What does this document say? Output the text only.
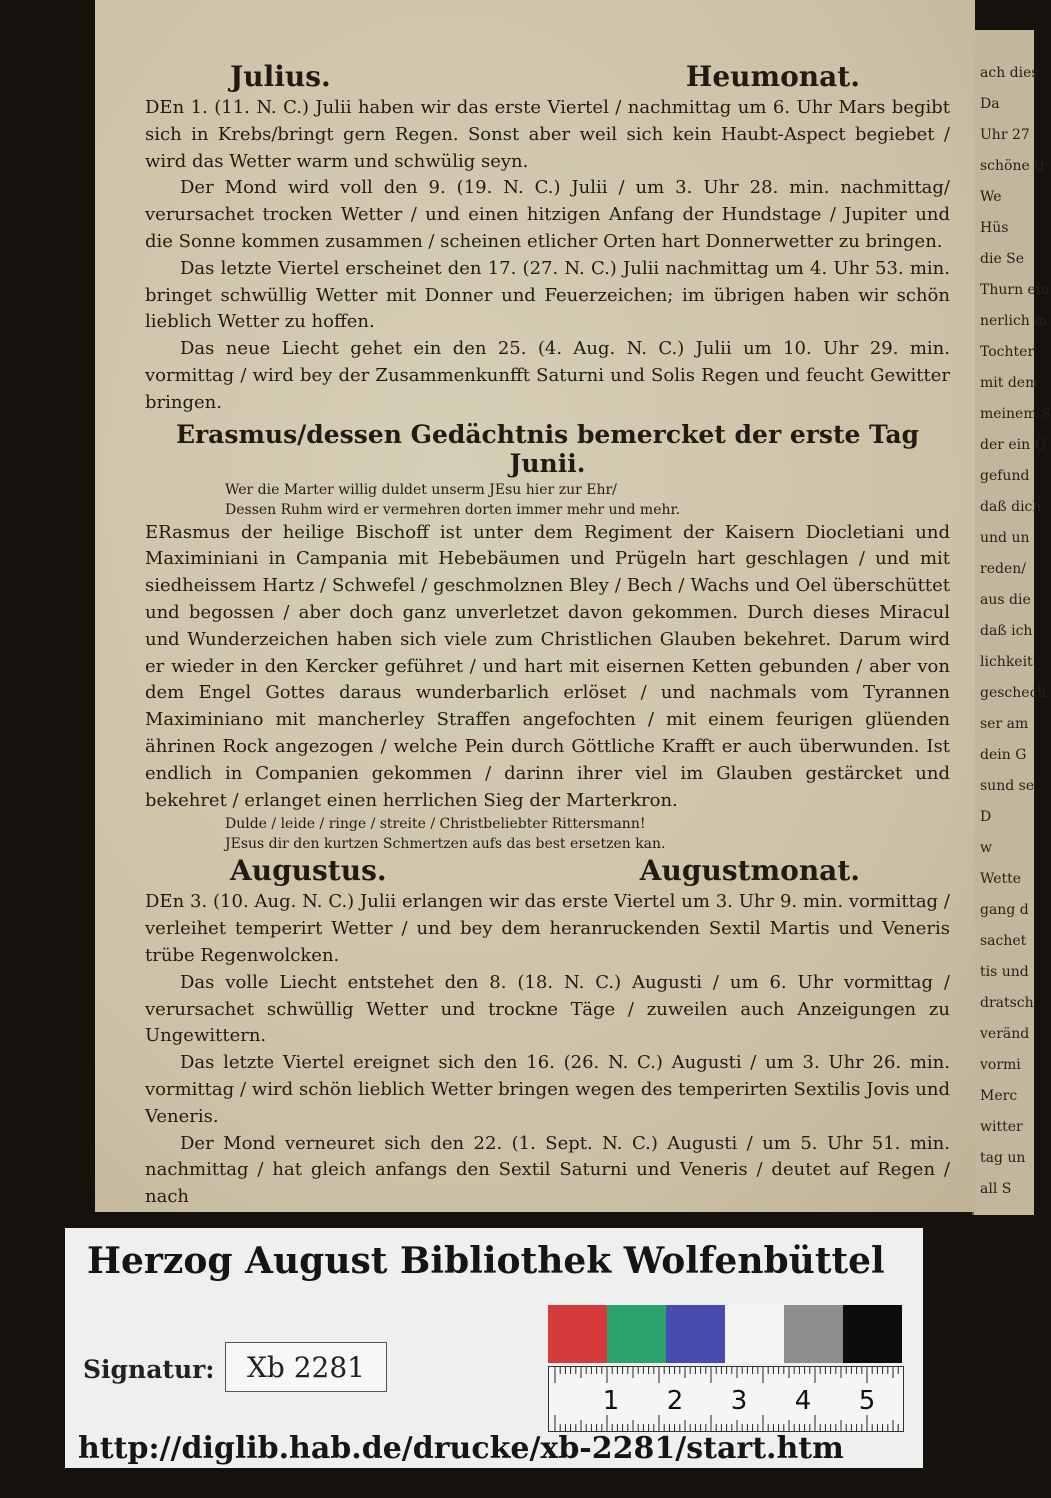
ach dies
Da
Uhr 27
schöne tr
We
Hüs
die Se
Thurn ein
nerlich m
Tochter
mit dem
meinem S
der ein G
gefund
daß dich
und un
reden/
aus die
daß ich
lichkeit
geschech
ser am
dein G
sund se
D
w
Wette
gang d
sachet
tis und
dratsch
veränd
vormi
Merc
witter
tag un
all S
Julius.	Heumonat.

DEn 1. (11. N. C.) Julii haben wir das erste Viertel / nachmittag um 6. Uhr Mars begibt sich in Krebs/bringt gern Regen. Sonst aber weil sich kein Haubt-Aspect begiebet / wird das Wetter warm und schwülig seyn.

Der Mond wird voll den 9. (19. N. C.) Julii / um 3. Uhr 28. min. nachmittag/ verursachet trocken Wetter / und einen hitzigen Anfang der Hundstage / Jupiter und die Sonne kommen zusammen / scheinen etlicher Orten hart Donnerwetter zu bringen.

Das letzte Viertel erscheinet den 17. (27. N. C.) Julii nachmittag um 4. Uhr 53. min. bringet schwüllig Wetter mit Donner und Feuerzeichen; im übrigen haben wir schön lieblich Wetter zu hoffen.

Das neue Liecht gehet ein den 25. (4. Aug. N. C.) Julii um 10. Uhr 29. min. vormittag / wird bey der Zusammenkunfft Saturni und Solis Regen und feucht Gewitter bringen.

Erasmus/dessen Gedächtnis bemercket der erste Tag Junii.
Wer die Marter willig duldet unserm JEsu hier zur Ehr/
Dessen Ruhm wird er vermehren dorten immer mehr und mehr.

ERasmus der heilige Bischoff ist unter dem Regiment der Kaisern Diocletiani und Maximiniani in Campania mit Hebebäumen und Prügeln hart geschlagen / und mit siedheissem Hartz / Schwefel / geschmolznen Bley / Bech / Wachs und Oel überschüttet und begossen / aber doch ganz unverletzet davon gekommen. Durch dieses Miracul und Wunderzeichen haben sich viele zum Christlichen Glauben bekehret. Darum wird er wieder in den Kercker geführet / und hart mit eisernen Ketten gebunden / aber von dem Engel Gottes daraus wunderbarlich erlöset / und nachmals vom Tyrannen Maximiniano mit mancherley Straffen angefochten / mit einem feurigen glüenden ährinen Rock angezogen / welche Pein durch Göttliche Krafft er auch überwunden. Ist endlich in Companien gekommen / darinn ihrer viel im Glauben gestärcket und bekehret / erlanget einen herrlichen Sieg der Marterkron.

Dulde / leide / ringe / streite / Christbeliebter Rittersmann!
JEsus dir den kurtzen Schmertzen aufs das best ersetzen kan.
Augustus.	Augustmonat.

DEn 3. (10. Aug. N. C.) Julii erlangen wir das erste Viertel um 3. Uhr 9. min. vormittag / verleihet temperirt Wetter / und bey dem heranruckenden Sextil Martis und Veneris trübe Regenwolcken.

Das volle Liecht entstehet den 8. (18. N. C.) Augusti / um 6. Uhr vormittag / verursachet schwüllig Wetter und trockne Täge / zuweilen auch Anzeigungen zu Ungewittern.

Das letzte Viertel ereignet sich den 16. (26. N. C.) Augusti / um 3. Uhr 26. min. vormittag / wird schön lieblich Wetter bringen wegen des temperirten Sextilis Jovis und Veneris.

Der Mond verneuret sich den 22. (1. Sept. N. C.) Augusti / um 5. Uhr 51. min. nachmittag / hat gleich anfangs den Sextil Saturni und Veneris / deutet auf Regen / nach

Herzog August Bibliothek Wolfenbüttel
Signatur:	Xb 2281
1 2 3 4 5
http://diglib.hab.de/drucke/xb-2281/start.htm
